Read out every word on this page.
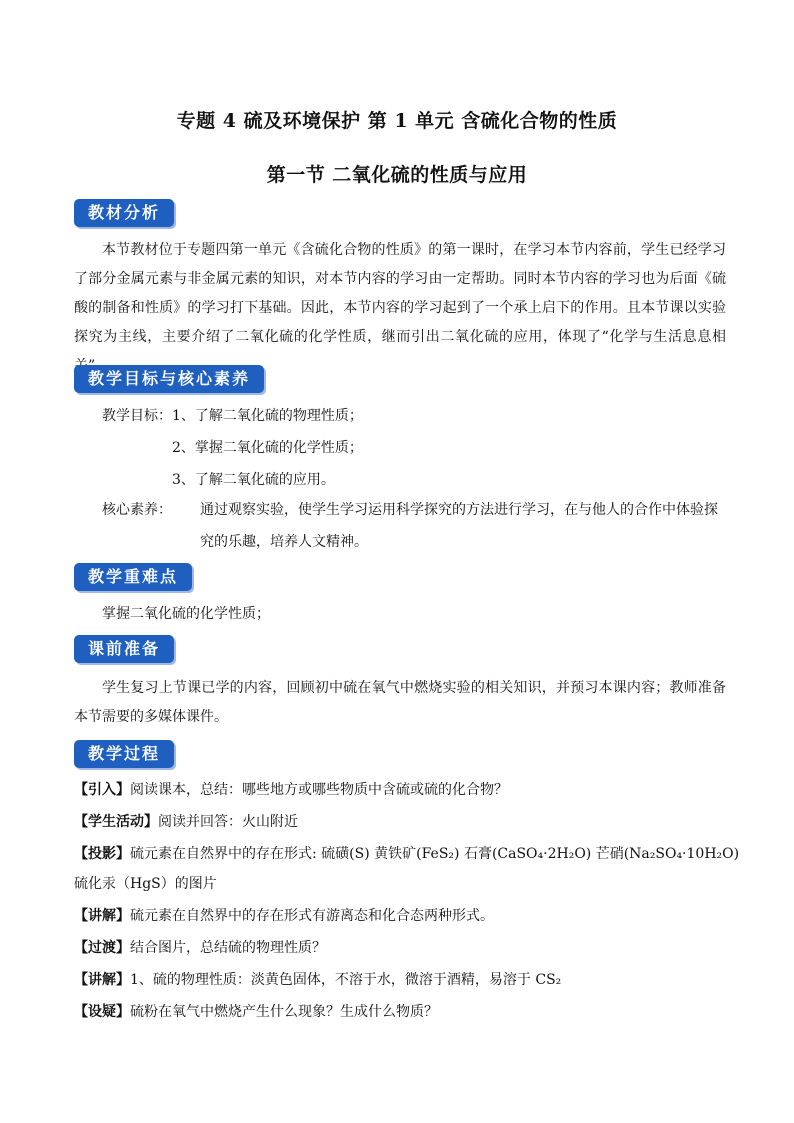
专题 4 硫及环境保护 第 1 单元 含硫化合物的性质
第一节 二氧化硫的性质与应用
教材分析
本节教材位于专题四第一单元《含硫化合物的性质》的第一课时，在学习本节内容前，学生已经学习了部分金属元素与非金属元素的知识，对本节内容的学习由一定帮助。同时本节内容的学习也为后面《硫酸的制备和性质》的学习打下基础。因此，本节内容的学习起到了一个承上启下的作用。且本节课以实验探究为主线，主要介绍了二氧化硫的化学性质，继而引出二氧化硫的应用，体现了“化学与生活息息相
教学目标与核心素养
教学目标：1、了解二氧化硫的物理性质；
2、掌握二氧化硫的化学性质；
3、了解二氧化硫的应用。
核心素养： 通过观察实验，使学生学习运用科学探究的方法进行学习，在与他人的合作中体验探究的乐趣，培养人文精神。
教学重难点
掌握二氧化硫的化学性质；
课前准备
学生复习上节课已学的内容，回顾初中硫在氧气中燃烧实验的相关知识，并预习本课内容；教师准备本节需要的多媒体课件。
教学过程
【引入】阅读课本，总结：哪些地方或哪些物质中含硫或硫的化合物？
【学生活动】阅读并回答：火山附近
【投影】硫元素在自然界中的存在形式: 硫磺(S) 黄铁矿(FeS₂) 石膏(CaSO₄·2H₂O) 芒硝(Na₂SO₄·10H₂O)
硫化汞（HgS）的图片
【讲解】硫元素在自然界中的存在形式有游离态和化合态两种形式。
【过渡】结合图片，总结硫的物理性质？
【讲解】1、硫的物理性质：淡黄色固体，不溶于水，微溶于酒精，易溶于 CS₂
【设疑】硫粉在氧气中燃烧产生什么现象？生成什么物质？
